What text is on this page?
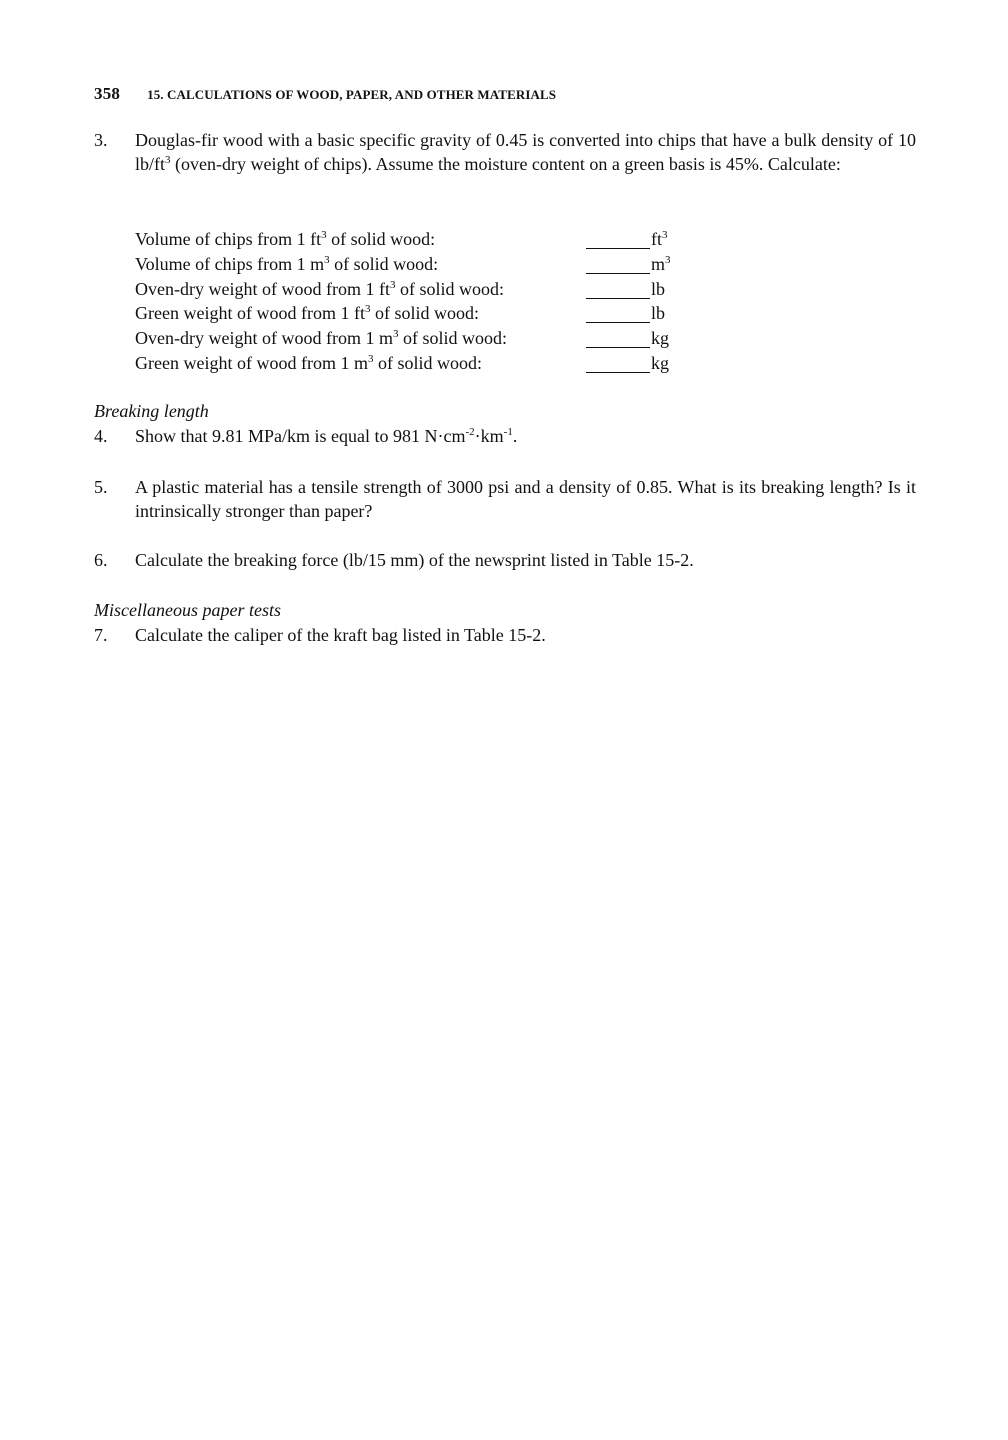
358 15. CALCULATIONS OF WOOD, PAPER, AND OTHER MATERIALS
3. Douglas-fir wood with a basic specific gravity of 0.45 is converted into chips that have a bulk density of 10 $lb/ft^3$ (oven-dry weight of chips). Assume the moisture content on a green basis is 45%. Calculate:
Volume of chips from 1 $ft^3$ of solid wood:	$ft^3$
Volume of chips from 1 $m^3$ of solid wood:	$m^3$
Oven-dry weight of wood from 1 $ft^3$ of solid wood:	lb
Green weight of wood from 1 $ft^3$ of solid wood:	lb
Oven-dry weight of wood from 1 $m^3$ of solid wood:	kg
Green weight of wood from 1 $m^3$ of solid wood:	kg
Breaking length
4. Show that 9.81 MPa/km is equal to 981 $N\cdot cm^{-2}\cdot km^{-1}$.
5. A plastic material has a tensile strength of 3000 psi and a density of 0.85. What is its breaking length? Is it intrinsically stronger than paper?
6. Calculate the breaking force (lb/15 mm) of the newsprint listed in Table 15-2.
Miscellaneous paper tests
7. Calculate the caliper of the kraft bag listed in Table 15-2.
